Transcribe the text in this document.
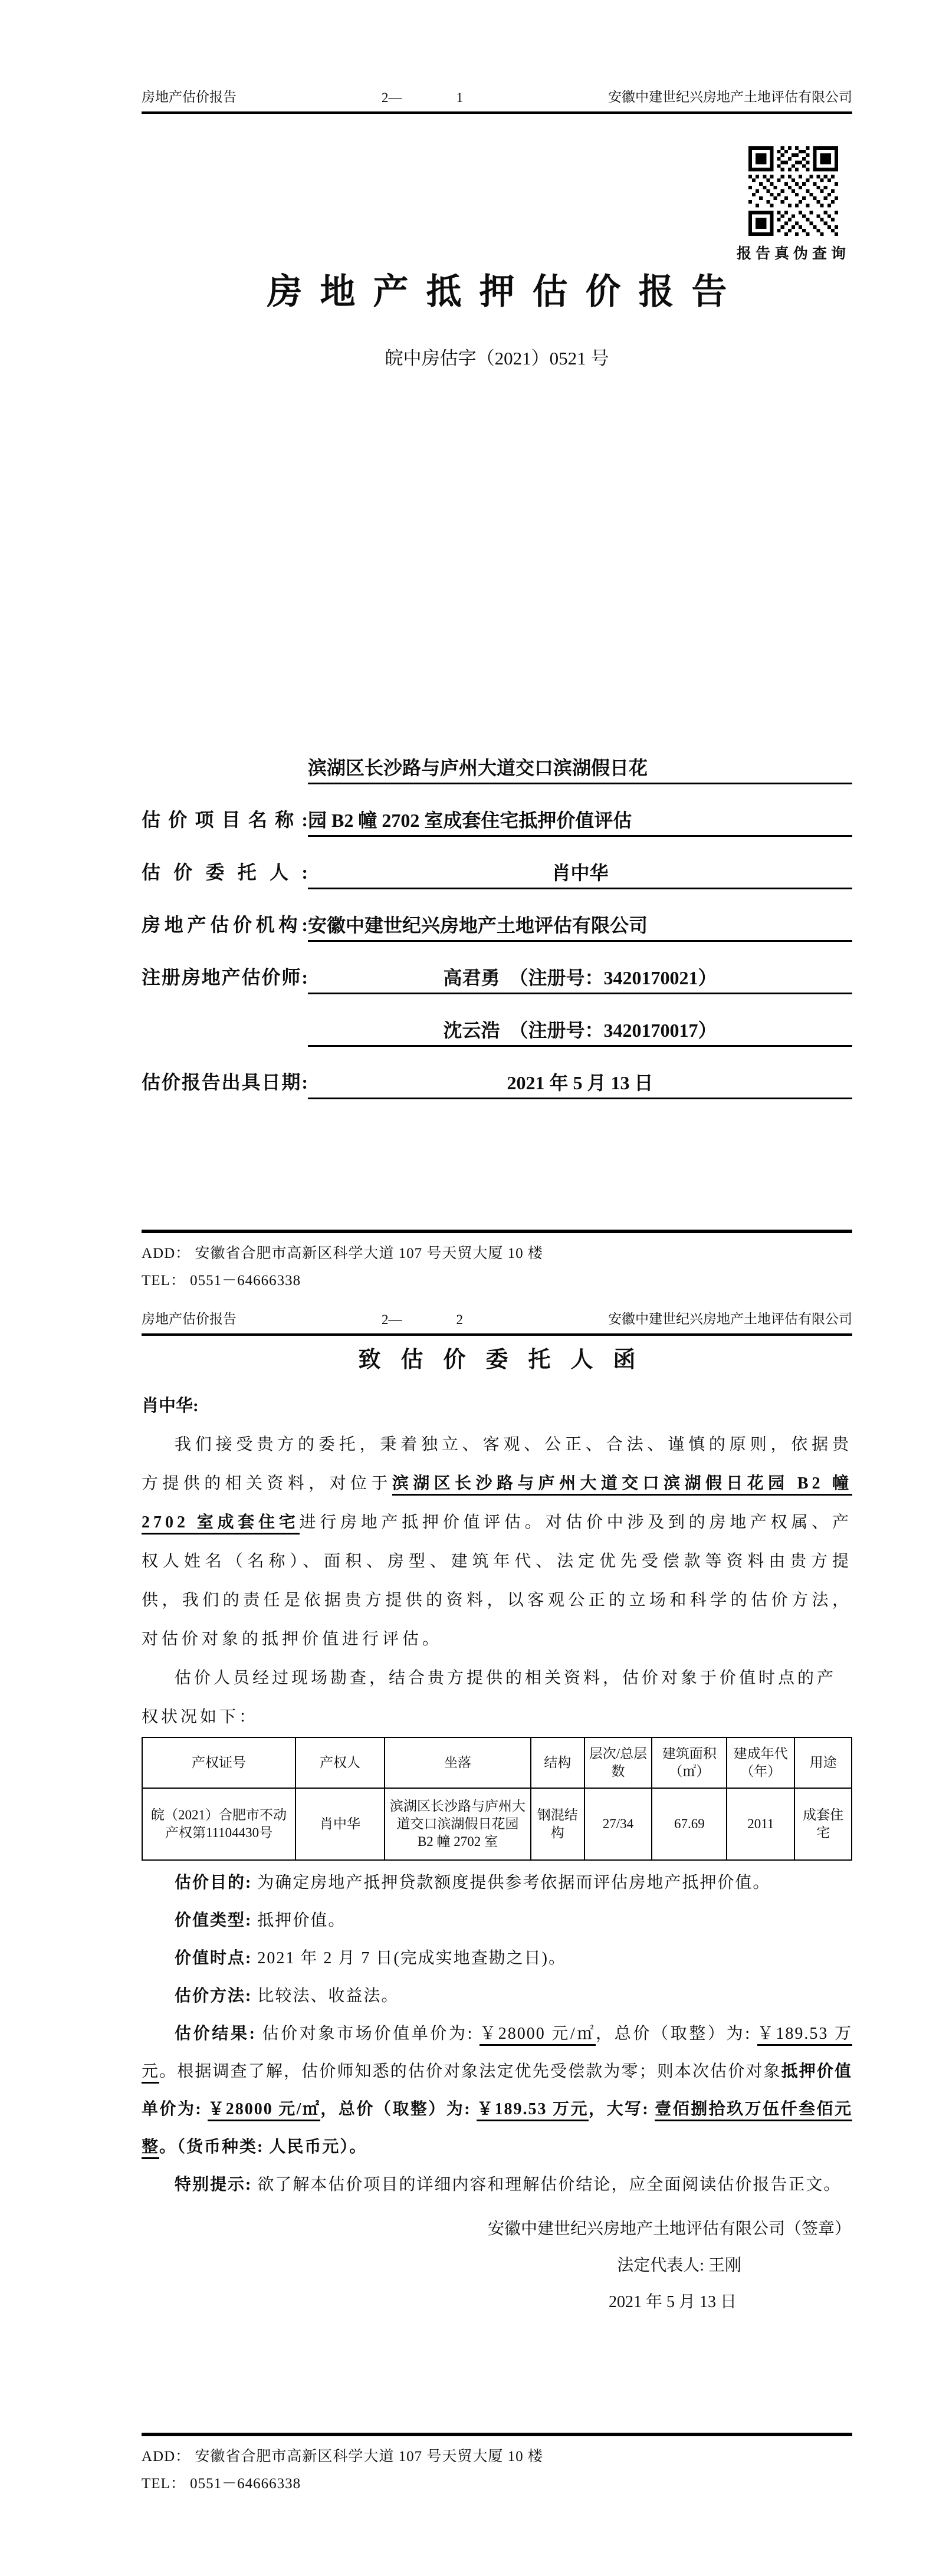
房地产估价报告	2—	1	安徽中建世纪兴房地产土地评估有限公司
报告真伪查询
房地产抵押估价报告
皖中房估字（2021）0521 号
估价项目名称:
滨湖区长沙路与庐州大道交口滨湖假日花
园 B2 幢 2702 室成套住宅抵押价值评估
估价委托人:	肖中华
房地产估价机构: 安徽中建世纪兴房地产土地评估有限公司
注册房地产估价师:	高君勇　（注册号：3420170021）
沈云浩　（注册号：3420170017）
估价报告出具日期:	2021 年 5 月 13 日
ADD： 安徽省合肥市高新区科学大道 107 号天贸大厦 10 楼
TEL： 0551－64666338
房地产估价报告	2—	2	安徽中建世纪兴房地产土地评估有限公司
致估价委托人函
肖中华:

我们接受贵方的委托，秉着独立、客观、公正、合法、谨慎的原则，依据贵方提供的相关资料，对位于滨湖区长沙路与庐州大道交口滨湖假日花园 B2 幢 2702 室成套住宅进行房地产抵押价值评估。对估价中涉及到的房地产权属、产权人姓名（名称）、面积、房型、建筑年代、法定优先受偿款等资料由贵方提供，我们的责任是依据贵方提供的资料，以客观公正的立场和科学的估价方法，对估价对象的抵押价值进行评估。

估价人员经过现场勘查，结合贵方提供的相关资料，估价对象于价值时点的产权状况如下：

产权证号	产权人	坐落	结构	层次/总层数	建筑面积（㎡）	建成年代（年）	用途
皖（2021）合肥市不动产权第11104430号	肖中华	滨湖区长沙路与庐州大道交口滨湖假日花园 B2 幢 2702 室	钢混结构	27/34	67.69	2011	成套住宅

估价目的: 为确定房地产抵押贷款额度提供参考依据而评估房地产抵押价值。

价值类型: 抵押价值。

价值时点: 2021 年 2 月 7 日(完成实地查勘之日)。

估价方法: 比较法、收益法。

估价结果: 估价对象市场价值单价为: ￥28000 元/㎡，总价（取整）为: ￥189.53 万元。根据调查了解，估价师知悉的估价对象法定优先受偿款为零；则本次估价对象抵押价值单价为: ￥28000 元/㎡，总价（取整）为: ￥189.53 万元，大写: 壹佰捌拾玖万伍仟叁佰元整。（货币种类: 人民币元）。

特别提示: 欲了解本估价项目的详细内容和理解估价结论，应全面阅读估价报告正文。

安徽中建世纪兴房地产土地评估有限公司（签章）
法定代表人: 王刚
2021 年 5 月 13 日
ADD： 安徽省合肥市高新区科学大道 107 号天贸大厦 10 楼
TEL： 0551－64666338
